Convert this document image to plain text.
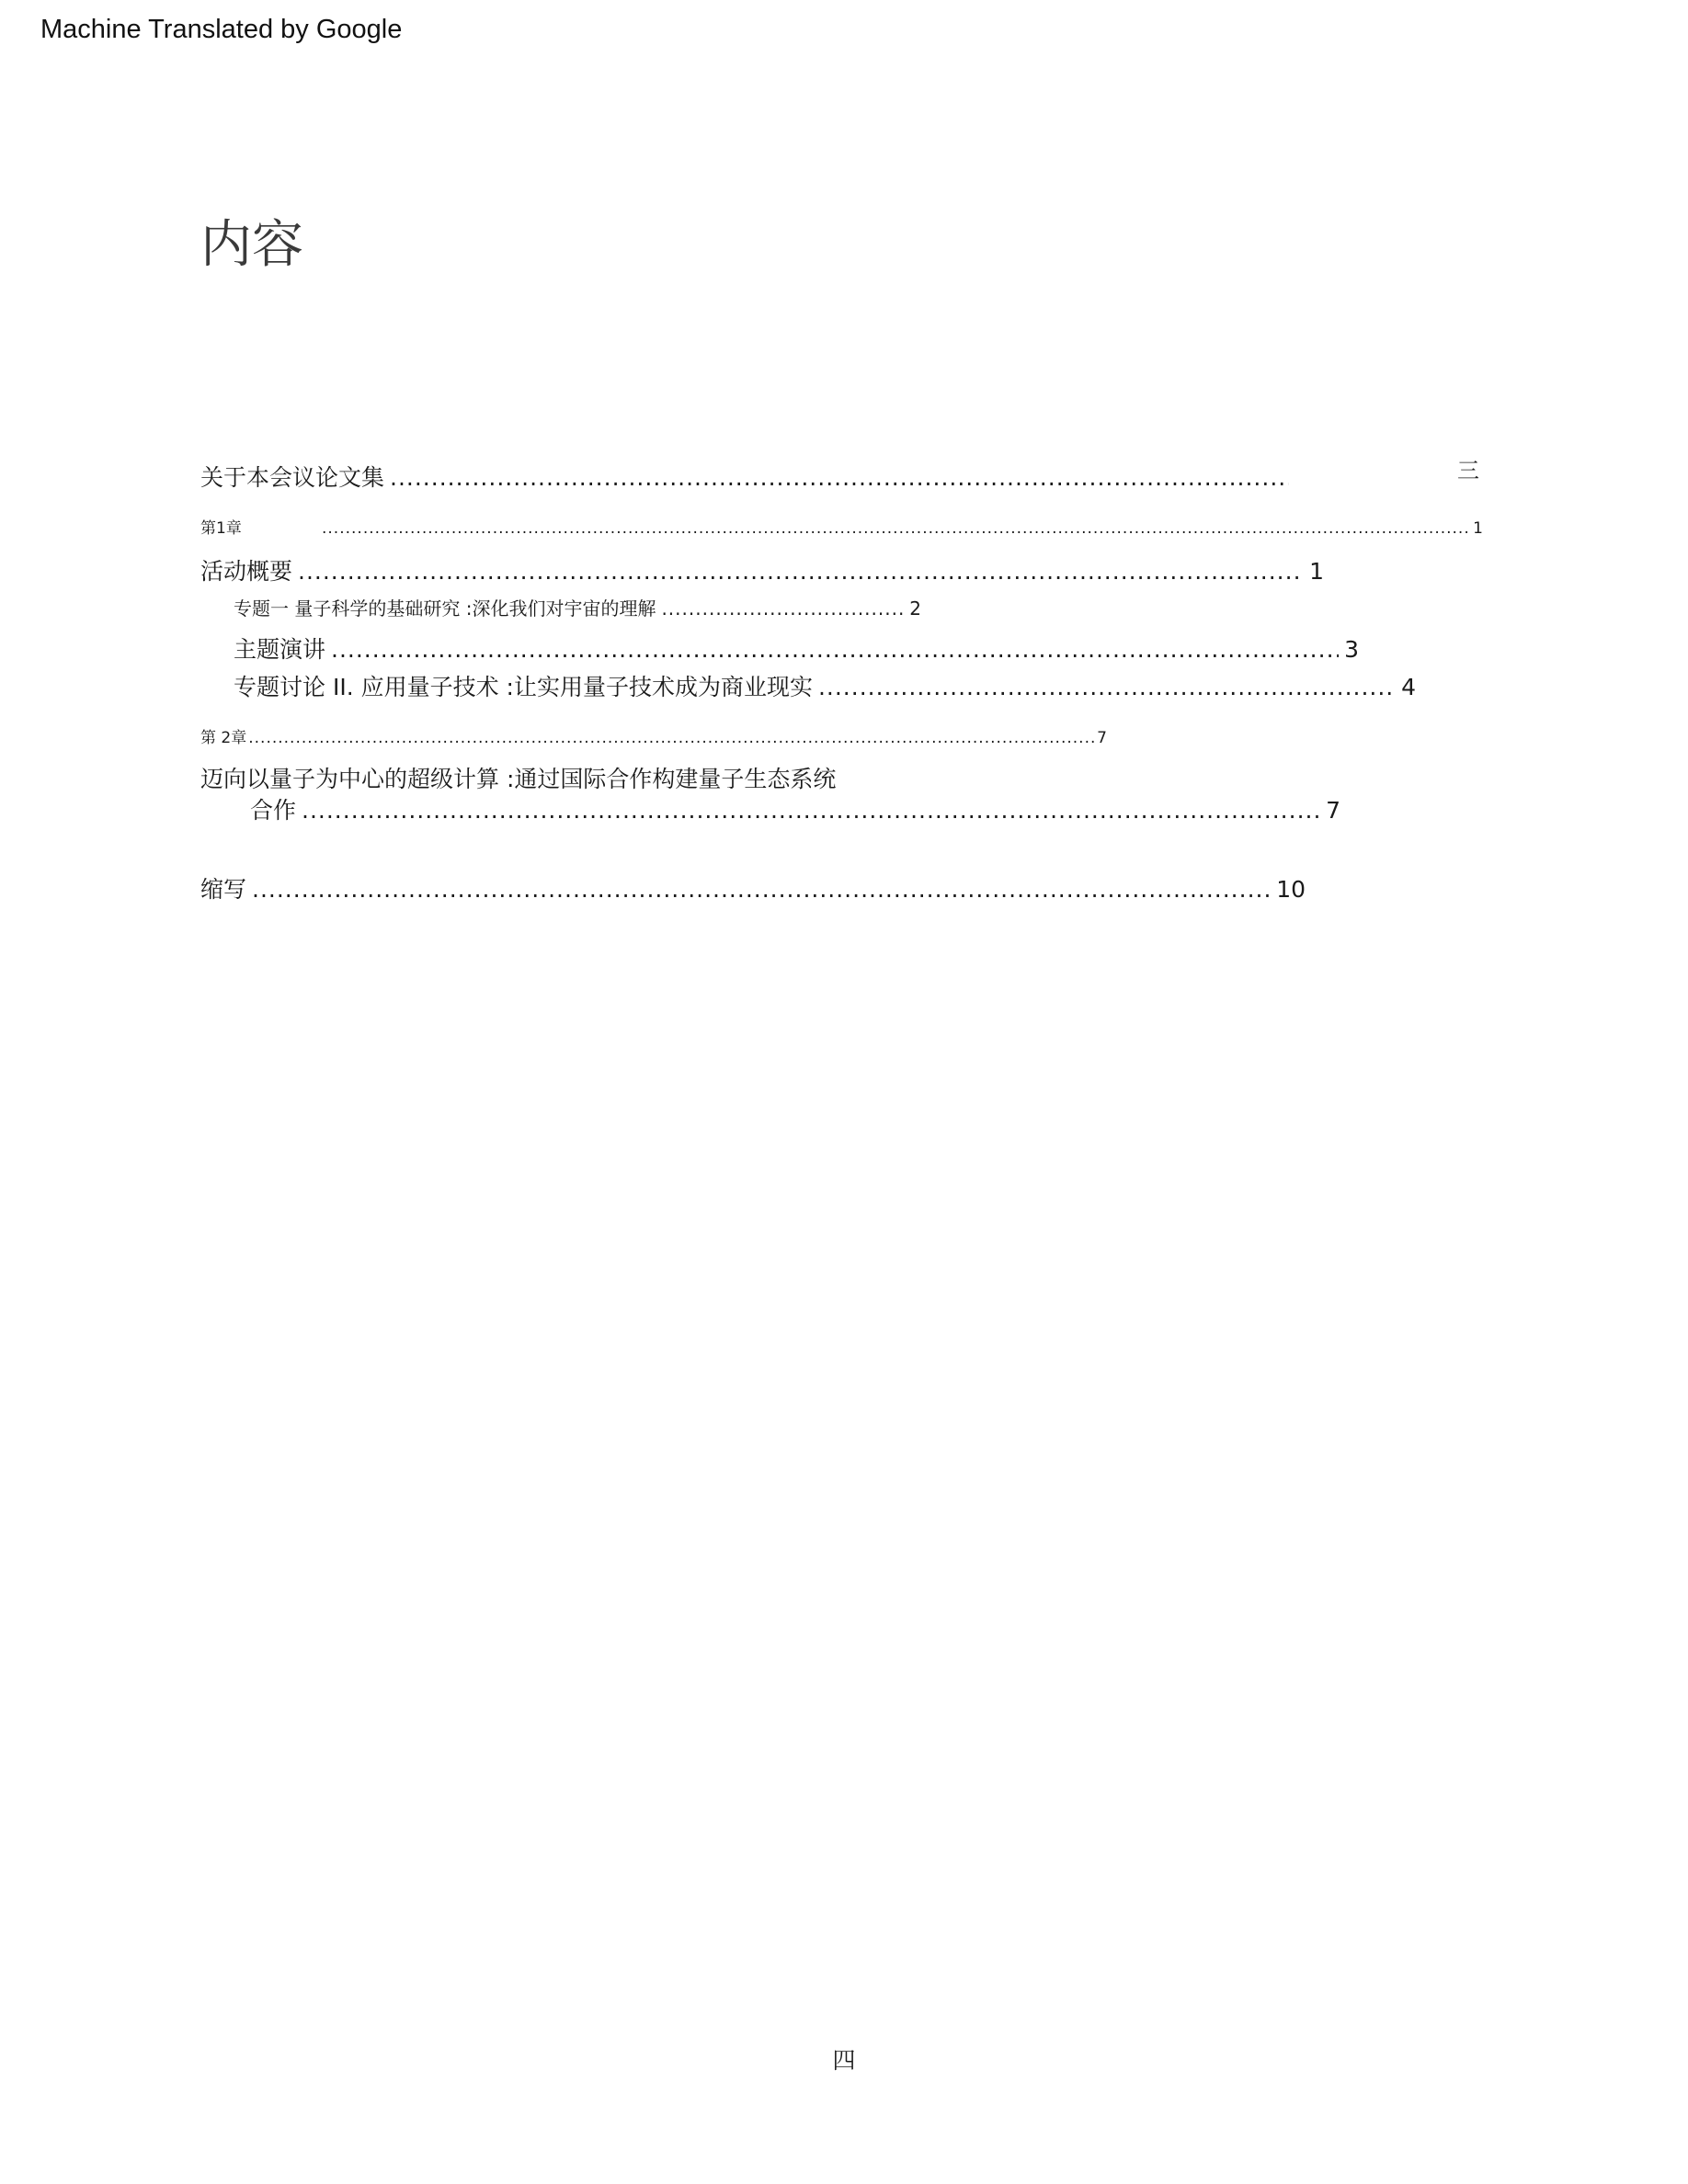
Machine Translated by Google
内容
关于本会议论文集 .....	三
第1章 .....	1
活动概要 .....	1
专题一 量子科学的基础研究 :深化我们对宇宙的理解 .....	2
主题演讲 .....	3
专题讨论 II. 应用量子技术 :让实用量子技术成为商业现实 .....	4
第 2章 .....	7
迈向以量子为中心的超级计算 :通过国际合作构建量子生态系统
合作 .....	7
缩写 .....	10
四
